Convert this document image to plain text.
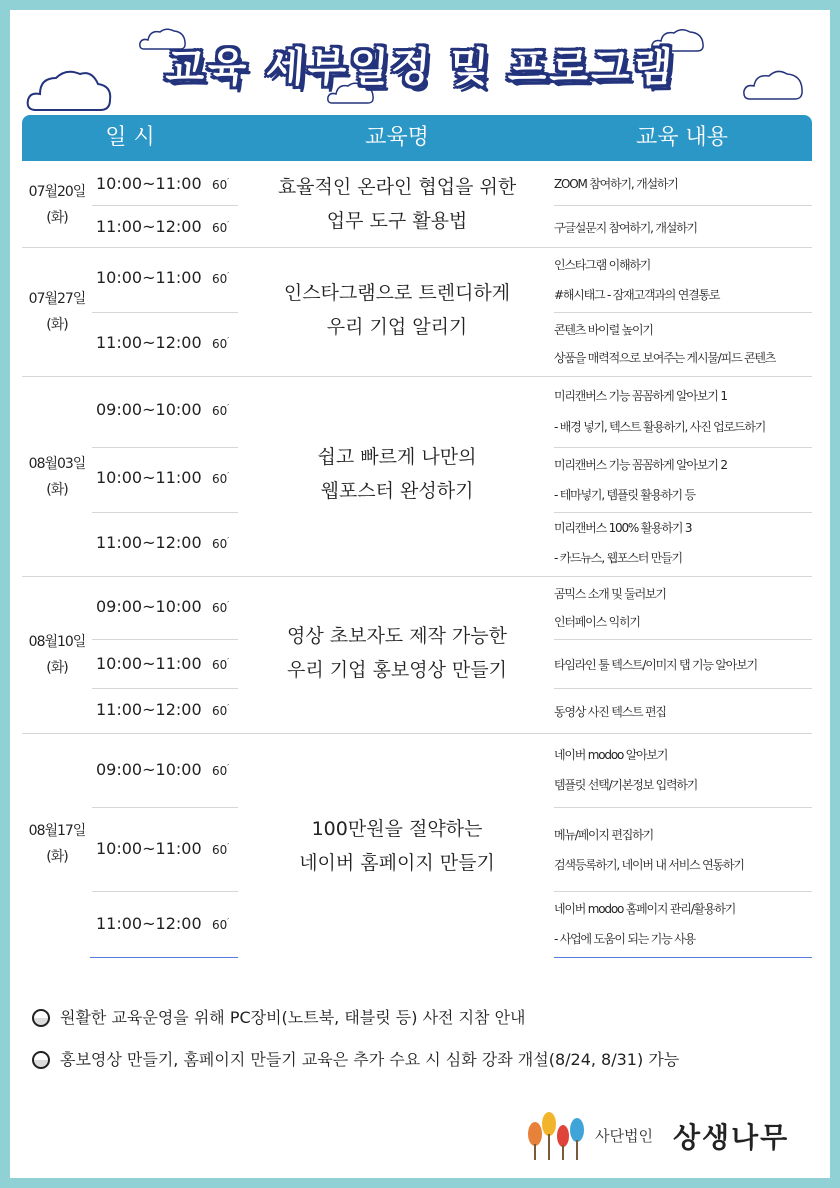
교육 세부일정 및 프로그램
일 시	교육명	교육 내용
07월20일
(화)
10:00~11:00 60′
11:00~12:00 60′
효율적인 온라인 협업을 위한
업무 도구 활용법
ZOOM 참여하기, 개설하기
구글설문지 참여하기, 개설하기
07월27일
(화)
10:00~11:00 60′
11:00~12:00 60′
인스타그램으로 트렌디하게
우리 기업 알리기
인스타그램 이해하기
#해시태그 - 잠재고객과의 연결통로
콘텐츠 바이럴 높이기
상품을 매력적으로 보여주는 게시물/피드 콘텐츠
08월03일
(화)
09:00~10:00 60′
10:00~11:00 60′
11:00~12:00 60′
쉽고 빠르게 나만의
웹포스터 완성하기
미리캔버스 기능 꼼꼼하게 알아보기 1
- 배경 넣기, 텍스트 활용하기, 사진 업로드하기
미리캔버스 기능 꼼꼼하게 알아보기 2
- 테마넣기, 템플릿 활용하기 등
미리캔버스 100% 활용하기 3
- 카드뉴스, 웹포스터 만들기
08월10일
(화)
09:00~10:00 60′
10:00~11:00 60′
11:00~12:00 60′
영상 초보자도 제작 가능한
우리 기업 홍보영상 만들기
곰믹스 소개 및 둘러보기
인터페이스 익히기
타임라인 툴 텍스트/이미지 탭 기능 알아보기
동영상 사진 텍스트 편집
08월17일
(화)
09:00~10:00 60′
10:00~11:00 60′
11:00~12:00 60′
100만원을 절약하는
네이버 홈페이지 만들기
네이버 modoo 알아보기
템플릿 선택/기본정보 입력하기
메뉴/페이지 편집하기
검색등록하기, 네이버 내 서비스 연동하기
네이버 modoo 홈페이지 관리/활용하기
- 사업에 도움이 되는 기능 사용
원활한 교육운영을 위해 PC장비(노트북, 태블릿 등) 사전 지참 안내
홍보영상 만들기, 홈페이지 만들기 교육은 추가 수요 시 심화 강좌 개설(8/24, 8/31) 가능
사단법인 상생나무
